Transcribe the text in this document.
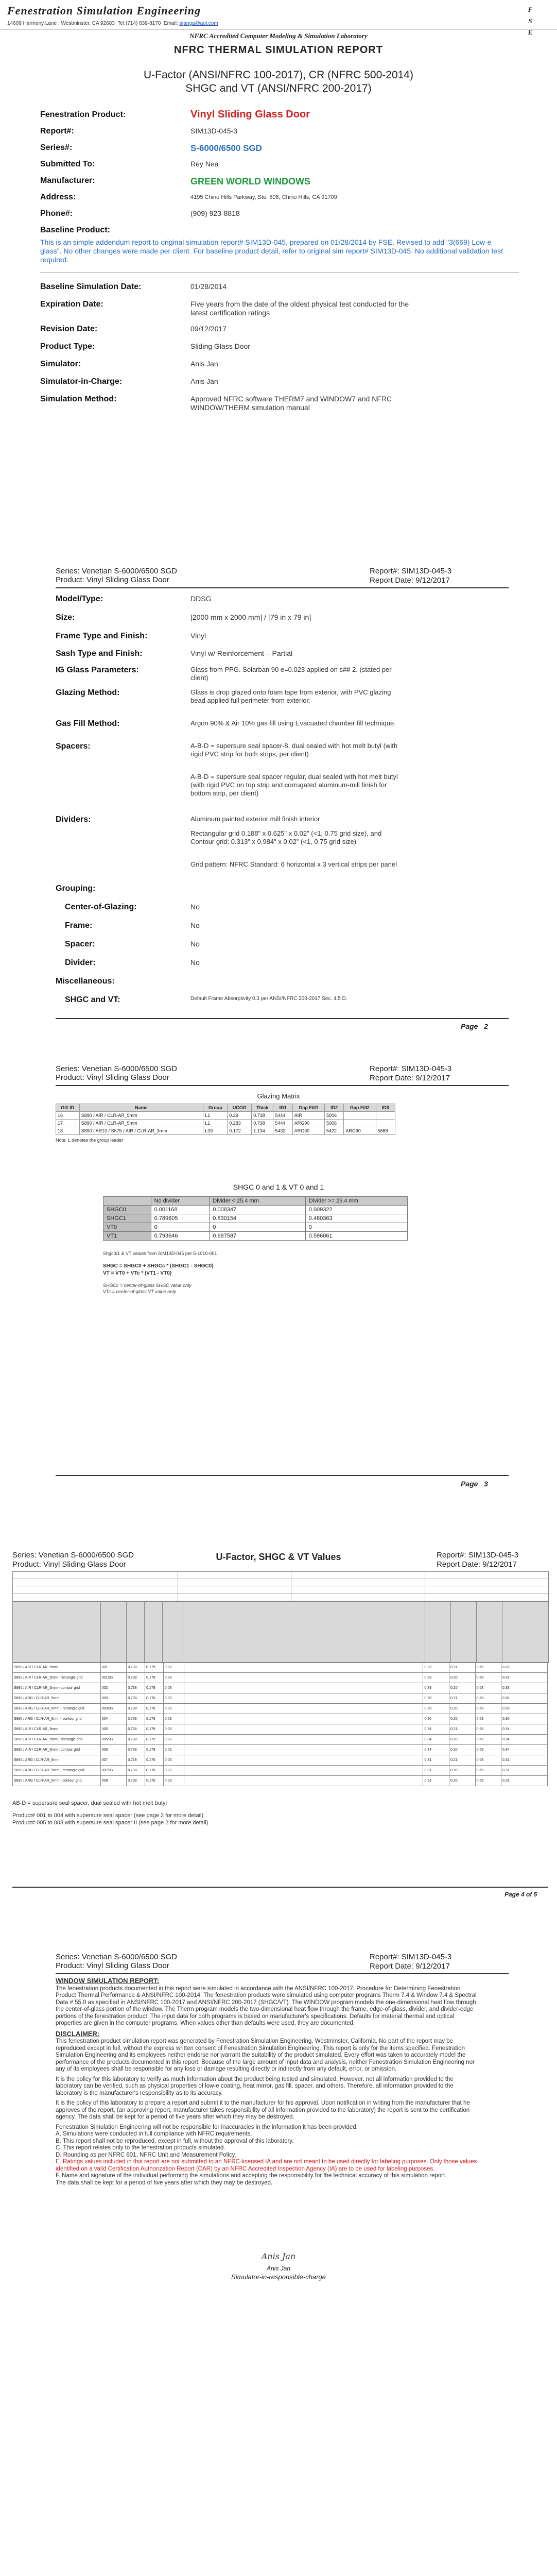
Fenestration Simulation Engineering
14609 Harmony Lane , Westminster, CA 92683 Tel:(714) 839-8170 Email: ajanga@aol.com
F
S
E
NFRC Accredited Computer Modeling & Simulation Laboratory
NFRC THERMAL SIMULATION REPORT
U-Factor (ANSI/NFRC 100-2017), CR (NFRC 500-2014)
SHGC and VT (ANSI/NFRC 200-2017)
Fenestration Product:	Vinyl Sliding Glass Door
Report#:	SIM13D-045-3
Series#:	S-6000/6500 SGD
Submitted To:	Rey Nea
Manufacturer:	GREEN WORLD WINDOWS
Address:	4195 Chino Hills Parkway, Ste. 508, Chino Hills, CA 91709
Phone#:	(909) 923-8818
Baseline Product:
This is an simple addendum report to original simulation report# SIM13D-045, prepared on 01/28/2014 by FSE. Revised to add "3(669) Low-e glass". No other changes were made per client. For baseline product detail, refer to original sim report# SIM13D-045. No additional validation test required.
Baseline Simulation Date:	01/28/2014
Expiration Date:	Five years from the date of the oldest physical test conducted for the latest certification ratings
Revision Date:	09/12/2017
Product Type:	Sliding Glass Door
Simulator:	Anis Jan
Simulator-in-Charge:	Anis Jan
Simulation Method:	Approved NFRC software THERM7 and WINDOW7 and NFRC WINDOW/THERM simulation manual
Series: Venetian S-6000/6500 SGD
Product: Vinyl Sliding Glass Door
Report#: SIM13D-045-3
Report Date: 9/12/2017
Model/Type:	DDSG
Size:	[2000 mm x 2000 mm] / [79 in x 79 in]
Frame Type and Finish:	Vinyl
Sash Type and Finish:	Vinyl w/ Reinforcement – Partial
IG Glass Parameters:	Glass from PPG. Solarban 90 e=0.023 applied on s## 2. (stated per client)
Glazing Method:	Glass is drop glazed onto foam tape from exterior, with PVC glazing bead applied full perimeter from exterior.
Gas Fill Method:	Argon 90% & Air 10% gas fill using Evacuated chamber fill technique.
Spacers:	A-B-D = supersure seal spacer-8, dual sealed with hot melt butyl (with rigid PVC strip for both strips, per client)
A-B-D = supersure seal spacer regular, dual sealed with hot melt butyl (with rigid PVC on top strip and corrugated aluminum-mill finish for bottom strip, per client)
Dividers:	Aluminum painted exterior mill finish interior
Rectangular grid 0.188" x 0.625" x 0.02" (<1, 0.75 grid size), and Contour grid: 0.313" x 0.984" x 0.02" (<1, 0.75 grid size)
Grid pattern: NFRC Standard: 6 horizontal x 3 vertical strips per panel
Grouping:
Center-of-Glazing:	No
Frame:	No
Spacer:	No
Divider:	No
Miscellaneous:
SHGC and VT:	Default Frame Absorptivity 0.3 per ANSI/NFRC 200-2017 Sec. 4.5 D.
Page 2
Series: Venetian S-6000/6500 SGD
Product: Vinyl Sliding Glass Door
Report#: SIM13D-045-3
Report Date: 9/12/2017
Glazing Matrix
Gl# ID	Name	Group	UCOG	Thick	ID1	Gap Fill1	ID2	Gap Fill2	ID3
16	S890 / AIR / CLR-AR_5mm	L1	0.29	0.738	5444	AIR	5006		
17	S890 / AIR / CLR-AR_5mm	L1	0.283	0.738	5444	ARG90	5006		
18	S890 / AR10 / S675 / AIR / CLR-AR_3mm	L09	0.172	1.134	5432	ARG90	5422	ARG90	5888
Note: L denotes the group leader
SHGC 0 and 1 & VT 0 and 1
	No divider	Divider < 25.4 mm	Divider >= 25.4 mm
SHGC0	0.001168	0.008347	0.009322
SHGC1	0.789605	0.830154	0.480363
VT0	0	0	0
VT1	0.793646	0.687587	0.596061
Shgc0/1 & VT values from SIM13D-045 per 5-1010-001
SHGC = SHGC0 + SHGCc * (SHGC1 - SHGC0)
VT = VT0 + VTc * (VT1 - VT0)
SHGCc = center-of-glass SHGC value only
VTc = center-of-glass VT value only
Page 3
Series: Venetian S-6000/6500 SGD
Product: Vinyl Sliding Glass Door
U-Factor, SHGC & VT Values	Report#: SIM13D-045-3
Report Date: 9/12/2017
S890 / AIR / CLR-AR_5mm	001	0.738	0.179	0.03		0.33	0.21	0.68	0.33
S890 / AIR / CLR-AR_5mm - rectangle grid	001SG	0.738	0.179	0.03		0.33	0.20	0.68	0.33
S890 / AIR / CLR-AR_5mm - contour grid	002	0.738	0.179	0.03		0.33	0.20	0.68	0.33
S890 / ARG / CLR-AR_5mm	003	0.738	0.176	0.03		0.30	0.21	0.68	0.30
S890 / ARG / CLR-AR_5mm - rectangle grid	003SG	0.738	0.176	0.03		0.30	0.20	0.68	0.30
S890 / ARG / CLR-AR_5mm - contour grid	004	0.738	0.176	0.03		0.30	0.20	0.68	0.30
S890 / AIR / CLR-AR_5mm	005	0.738	0.179	0.03		0.34	0.21	0.68	0.34
S890 / AIR / CLR-AR_5mm - rectangle grid	005SG	0.738	0.179	0.03		0.34	0.20	0.68	0.34
S890 / AIR / CLR-AR_5mm - contour grid	006	0.738	0.179	0.03		0.34	0.20	0.68	0.34
S890 / ARG / CLR-AR_5mm	007	0.738	0.176	0.03		0.31	0.21	0.68	0.31
S890 / ARG / CLR-AR_5mm - rectangle grid	007SG	0.738	0.176	0.03		0.31	0.20	0.68	0.31
S890 / ARG / CLR-AR_5mm - contour grid	008	0.738	0.176	0.03		0.31	0.20	0.68	0.31
AB-D = supersure seal spacer, dual sealed with hot melt butyl
Product# 001 to 004 with supersure seal spacer (see page 2 for more detail)
Product# 005 to 008 with supersure seal spacer II (see page 2 for more detail)
Page 4 of 5
Series: Venetian S-6000/6500 SGD
Product: Vinyl Sliding Glass Door
Report#: SIM13D-045-3
Report Date: 9/12/2017
WINDOW SIMULATION REPORT:

The fenestration products documented in this report were simulated in accordance with the ANSI/NFRC 100-2017: Procedure for Determining Fenestration Product Thermal Performance & ANSI/NFRC 100-2014. The fenestration products were simulated using computer programs Therm 7.4 & Window 7.4 & Spectral Data # 55.0 as specified in ANSI/NFRC 100-2017 and ANSI/NFRC 200-2017 (SHGC/VT). The WINDOW program models the one-dimensional heat flow through the center-of-glass portion of the window. The Therm program models the two-dimensional heat flow through the frame, edge-of-glass, divider, and divider-edge portions of the fenestration product. The input data for both programs is based on manufacturer's specifications. Defaults for material thermal and optical properties are given in the computer programs. When values other than defaults were used, they are documented.

DISCLAIMER:

This fenestration product simulation report was generated by Fenestration Simulation Engineering, Westminster, California. No part of the report may be reproduced except in full, without the express written consent of Fenestration Simulation Engineering. This report is only for the items specified. Fenestration Simulation Engineering and its employees neither endorse nor warrant the suitability of the product simulated. Every effort was taken to accurately model the performance of the products documented in this report. Because of the large amount of input data and analysis, neither Fenestration Simulation Engineering nor any of its employees shall be responsible for any loss or damage resulting directly or indirectly from any default, error, or omission.

It is the policy for this laboratory to verify as much information about the product being tested and simulated. However, not all information provided to the laboratory can be verified, such as physical properties of low-e coating, heat mirror, gas fill, spacer, and others. Therefore, all information provided to the laboratory is the manufacturer's responsibility as to its accuracy.

It is the policy of this laboratory to prepare a report and submit it to the manufacturer for his approval. Upon notification in writing from the manufacturer that he approves of the report, (an approving report, manufacturer takes responsibility of all information provided to the laboratory) the report is sent to the certification agency. The data shall be kept for a period of five years after which they may be destroyed.

Fenestration Simulation Engineering will not be responsible for inaccuracies in the information it has been provided.

A. Simulations were conducted in full compliance with NFRC requirements.
B. This report shall not be reproduced, except in full, without the approval of this laboratory.
C. This report relates only to the fenestration products simulated.
D. Rounding as per NFRC 601, NFRC Unit and Measurement Policy.
E. Ratings values included in this report are not submitted to an NFRC-licensed IA and are not meant to be used directly for labeling purposes. Only those values identified on a valid Certification Authorization Report (CAR) by an NFRC Accredited Inspection Agency (IA) are to be used for labeling purposes.
F. Name and signature of the individual performing the simulations and accepting the responsibility for the technical accuracy of this simulation report.
The data shall be kept for a period of five years after which they may be destroyed.
Anis Jan
Anis Jan
Simulator-in-responsible-charge
